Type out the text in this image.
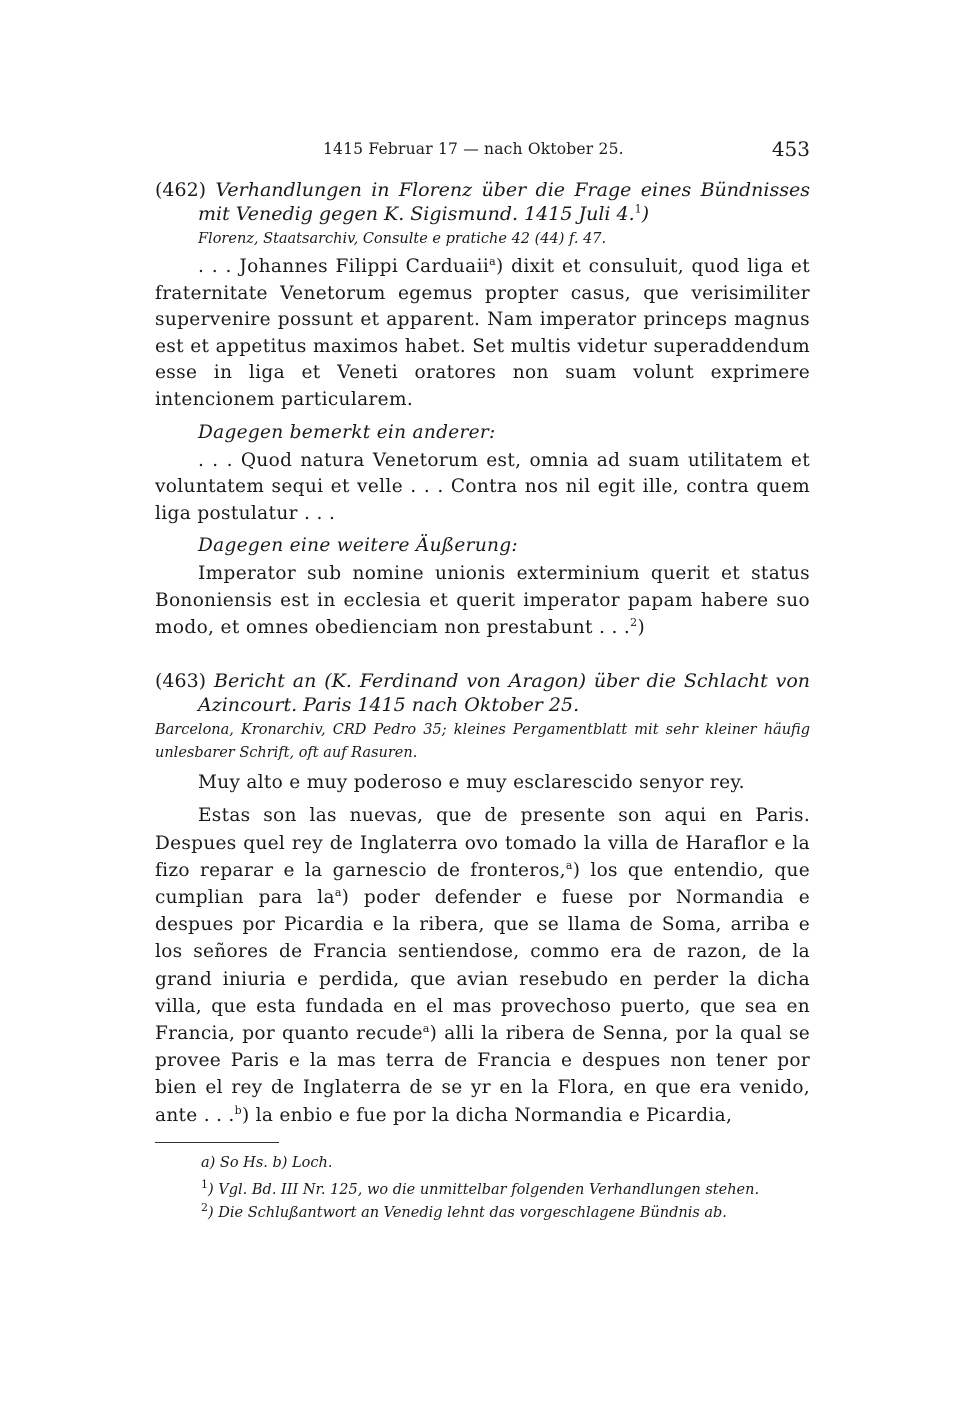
1415 Februar 17 — nach Oktober 25.	453

(462) Verhandlungen in Florenz über die Frage eines Bündnisses mit Venedig gegen K. Sigismund. 1415 Juli 4.$^1$)

Florenz, Staatsarchiv, Consulte e pratiche 42 (44) f. 47.

. . . Johannes Filippi Carduaii$^a$) dixit et consuluit, quod liga et fraternitate Venetorum egemus propter casus, que verisimiliter supervenire possunt et apparent. Nam imperator princeps magnus est et appetitus maximos habet. Set multis videtur superaddendum esse in liga et Veneti oratores non suam volunt exprimere intencionem particularem.

Dagegen bemerkt ein anderer:

. . . Quod natura Venetorum est, omnia ad suam utilitatem et voluntatem sequi et velle . . . Contra nos nil egit ille, contra quem liga postulatur . . .

Dagegen eine weitere Äußerung:

Imperator sub nomine unionis exterminium querit et status Bononiensis est in ecclesia et querit imperator papam habere suo modo, et omnes obedienciam non prestabunt . . .$^2$)

(463) Bericht an (K. Ferdinand von Aragon) über die Schlacht von Azincourt. Paris 1415 nach Oktober 25.

Barcelona, Kronarchiv, CRD Pedro 35; kleines Pergamentblatt mit sehr kleiner häufig unlesbarer Schrift, oft auf Rasuren.

Muy alto e muy poderoso e muy esclarescido senyor rey.

Estas son las nuevas, que de presente son aqui en Paris. Despues quel rey de Inglaterra ovo tomado la villa de Haraflor e la fizo reparar e la garnescio de fronteros,$^a$) los que entendio, que cumplian para $la^a$) poder defender e fuese por Normandia e despues por Picardia e la ribera, que se llama de Soma, arriba e los señores de Francia sentiendose, commo era de razon, de la grand iniuria e perdida, que avian resebudo en perder la dicha villa, que esta fundada en el mas provechoso puerto, que sea en Francia, por quanto recude$^a$) alli la ribera de Senna, por la qual se provee Paris e la mas terra de Francia e despues non tener por bien el rey de Inglaterra de se yr en la Flora, en que era venido, ante . . .$^b$) la enbio e fue por la dicha Normandia e Picardia,

a) So Hs. b) Loch.

$^1$) Vgl. Bd. III Nr. 125, wo die unmittelbar folgenden Verhandlungen stehen.

$^2$) Die Schlußantwort an Venedig lehnt das vorgeschlagene Bündnis ab.
